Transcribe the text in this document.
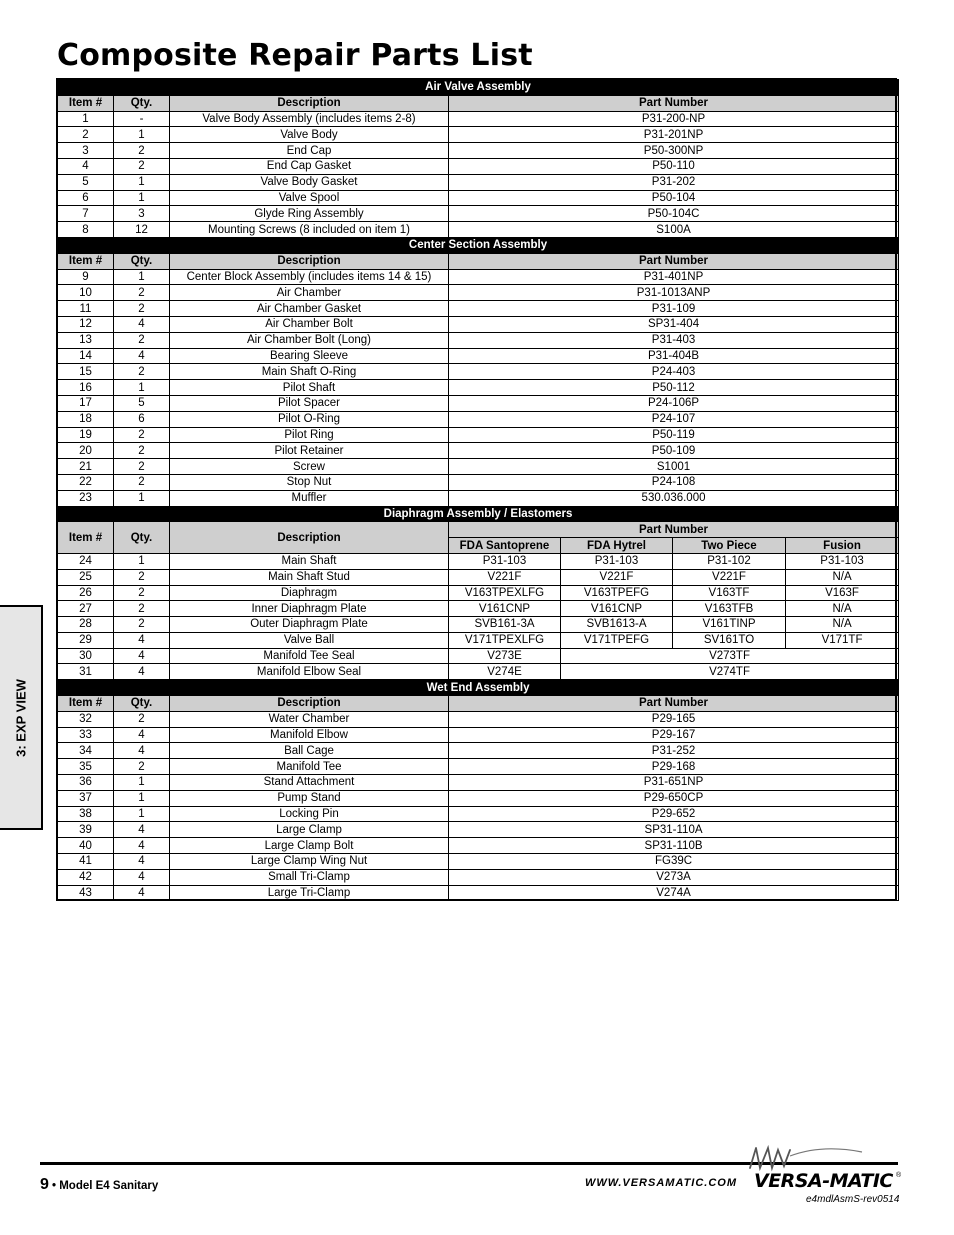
Composite Repair Parts List
3: EXP VIEW
Air Valve Assembly						
Item #	Qty.	Description	Part Number			
1	-	Valve Body Assembly (includes items 2-8)	P31-200-NP			
2	1	Valve Body	P31-201NP			
3	2	End Cap	P50-300NP			
4	2	End Cap Gasket	P50-110			
5	1	Valve Body Gasket	P31-202			
6	1	Valve Spool	P50-104			
7	3	Glyde Ring Assembly	P50-104C			
8	12	Mounting Screws (8 included on item 1)	S100A			
Center Section Assembly						
Item #	Qty.	Description	Part Number			
9	1	Center Block Assembly (includes items 14 & 15)	P31-401NP			
10	2	Air Chamber	P31-1013ANP			
11	2	Air Chamber Gasket	P31-109			
12	4	Air Chamber Bolt	SP31-404			
13	2	Air Chamber Bolt (Long)	P31-403			
14	4	Bearing Sleeve	P31-404B			
15	2	Main Shaft O-Ring	P24-403			
16	1	Pilot Shaft	P50-112			
17	5	Pilot Spacer	P24-106P			
18	6	Pilot O-Ring	P24-107			
19	2	Pilot Ring	P50-119			
20	2	Pilot Retainer	P50-109			
21	2	Screw	S1001			
22	2	Stop Nut	P24-108			
23	1	Muffler	530.036.000			
Diaphragm Assembly / Elastomers						
Item #	Qty.	Description	Part Number			
			FDA Santoprene	FDA Hytrel	Two Piece	Fusion
24	1	Main Shaft	P31-103	P31-103	P31-102	P31-103
25	2	Main Shaft Stud	V221F	V221F	V221F	N/A
26	2	Diaphragm	V163TPEXLFG	V163TPEFG	V163TF	V163F
27	2	Inner Diaphragm Plate	V161CNP	V161CNP	V163TFB	N/A
28	2	Outer Diaphragm Plate	SVB161-3A	SVB1613-A	V161TINP	N/A
29	4	Valve Ball	V171TPEXLFG	V171TPEFG	SV161TO	V171TF
30	4	Manifold Tee Seal	V273E	V273TF		
31	4	Manifold Elbow Seal	V274E	V274TF		
Wet End Assembly						
Item #	Qty.	Description	Part Number			
32	2	Water Chamber	P29-165			
33	4	Manifold Elbow	P29-167			
34	4	Ball Cage	P31-252			
35	2	Manifold Tee	P29-168			
36	1	Stand Attachment	P31-651NP			
37	1	Pump Stand	P29-650CP			
38	1	Locking Pin	P29-652			
39	4	Large Clamp	SP31-110A			
40	4	Large Clamp Bolt	SP31-110B			
41	4	Large Clamp Wing Nut	FG39C			
42	4	Small Tri-Clamp	V273A			
43	4	Large Tri-Clamp	V274A			
9 • Model E4 Sanitary	WWW.VERSAMATIC.COM VERSA-MATIC ®
e4mdlAsmS-rev0514
